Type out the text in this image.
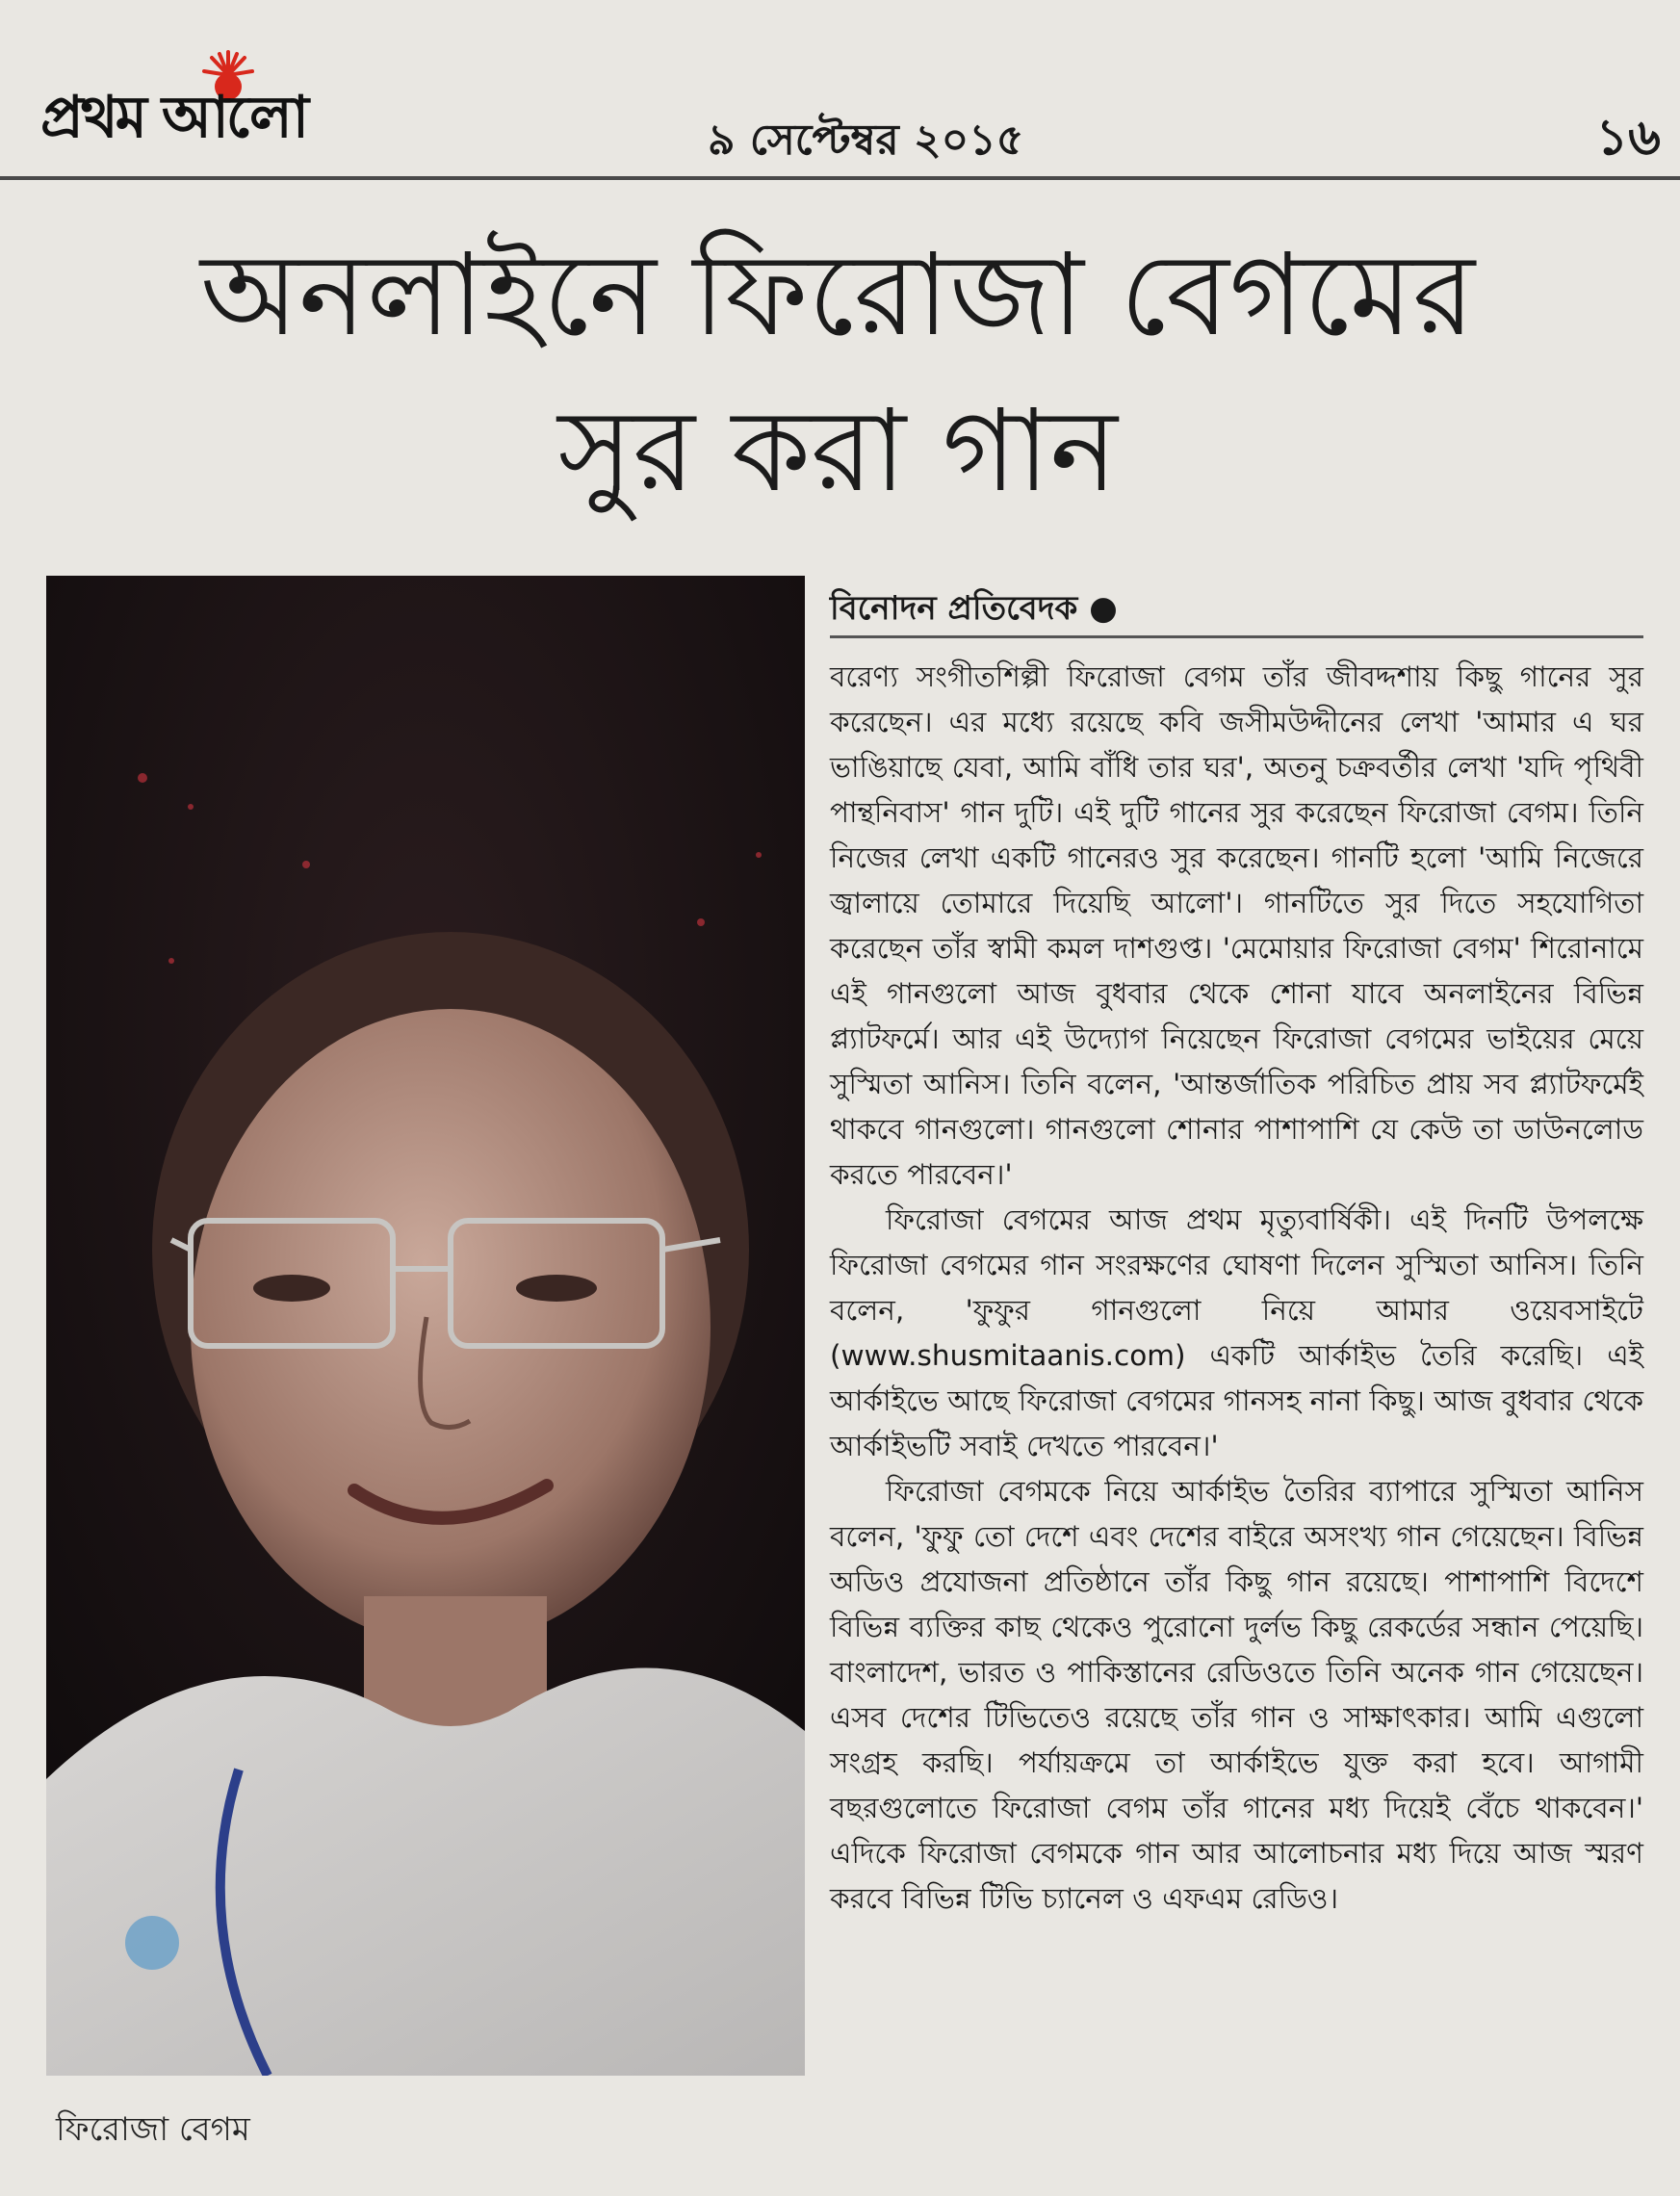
প্রথম আলো	৯ সেপ্টেম্বর ২০১৫	১৬
অনলাইনে ফিরোজা বেগমের
সুর করা গান
ফিরোজা বেগম
বিনোদন প্রতিবেদক ●

বরেণ্য সংগীতশিল্পী ফিরোজা বেগম তাঁর জীবদ্দশায় কিছু গানের সুর করেছেন। এর মধ্যে রয়েছে কবি জসীমউদ্দীনের লেখা 'আমার এ ঘর ভাঙিয়াছে যেবা, আমি বাঁধি তার ঘর', অতনু চক্রবর্তীর লেখা 'যদি পৃথিবী পান্থনিবাস' গান দুটি। এই দুটি গানের সুর করেছেন ফিরোজা বেগম। তিনি নিজের লেখা একটি গানেরও সুর করেছেন। গানটি হলো 'আমি নিজেরে জ্বালায়ে তোমারে দিয়েছি আলো'। গানটিতে সুর দিতে সহযোগিতা করেছেন তাঁর স্বামী কমল দাশগুপ্ত। 'মেমোয়ার ফিরোজা বেগম' শিরোনামে এই গানগুলো আজ বুধবার থেকে শোনা যাবে অনলাইনের বিভিন্ন প্ল্যাটফর্মে। আর এই উদ্যোগ নিয়েছেন ফিরোজা বেগমের ভাইয়ের মেয়ে সুস্মিতা আনিস। তিনি বলেন, 'আন্তর্জাতিক পরিচিত প্রায় সব প্ল্যাটফর্মেই থাকবে গানগুলো। গানগুলো শোনার পাশাপাশি যে কেউ তা ডাউনলোড করতে পারবেন।'

ফিরোজা বেগমের আজ প্রথম মৃত্যুবার্ষিকী। এই দিনটি উপলক্ষে ফিরোজা বেগমের গান সংরক্ষণের ঘোষণা দিলেন সুস্মিতা আনিস। তিনি বলেন, 'ফুফুর গানগুলো নিয়ে আমার ওয়েবসাইটে (www.shusmitaanis.com) একটি আর্কাইভ তৈরি করেছি। এই আর্কাইভে আছে ফিরোজা বেগমের গানসহ নানা কিছু। আজ বুধবার থেকে আর্কাইভটি সবাই দেখতে পারবেন।'

ফিরোজা বেগমকে নিয়ে আর্কাইভ তৈরির ব্যাপারে সুস্মিতা আনিস বলেন, 'ফুফু তো দেশে এবং দেশের বাইরে অসংখ্য গান গেয়েছেন। বিভিন্ন অডিও প্রযোজনা প্রতিষ্ঠানে তাঁর কিছু গান রয়েছে। পাশাপাশি বিদেশে বিভিন্ন ব্যক্তির কাছ থেকেও পুরোনো দুর্লভ কিছু রেকর্ডের সন্ধান পেয়েছি। বাংলাদেশ, ভারত ও পাকিস্তানের রেডিওতে তিনি অনেক গান গেয়েছেন। এসব দেশের টিভিতেও রয়েছে তাঁর গান ও সাক্ষাৎকার। আমি এগুলো সংগ্রহ করছি। পর্যায়ক্রমে তা আর্কাইভে যুক্ত করা হবে। আগামী বছরগুলোতে ফিরোজা বেগম তাঁর গানের মধ্য দিয়েই বেঁচে থাকবেন।' এদিকে ফিরোজা বেগমকে গান আর আলোচনার মধ্য দিয়ে আজ স্মরণ করবে বিভিন্ন টিভি চ্যানেল ও এফএম রেডিও।
